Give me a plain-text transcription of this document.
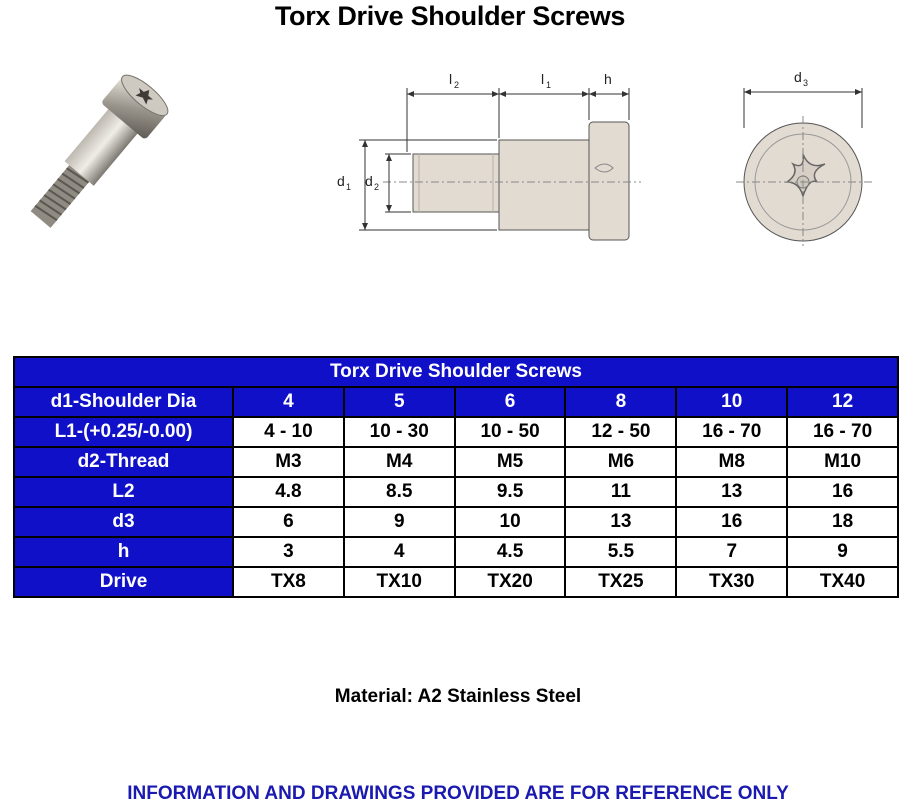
Torx Drive Shoulder Screws
l 2	l 1	h
d 1 d 2
d 3
Torx Drive Shoulder Screws						
d1-Shoulder Dia	4	5	6	8	10	12
L1-(+0.25/-0.00)	4 - 10	10 - 30	10 - 50	12 - 50	16 - 70	16 - 70
d2-Thread	M3	M4	M5	M6	M8	M10
L2	4.8	8.5	9.5	11	13	16
d3	6	9	10	13	16	18
h	3	4	4.5	5.5	7	9
Drive	TX8	TX10	TX20	TX25	TX30	TX40
Material: A2 Stainless Steel
INFORMATION AND DRAWINGS PROVIDED ARE FOR REFERENCE ONLY
